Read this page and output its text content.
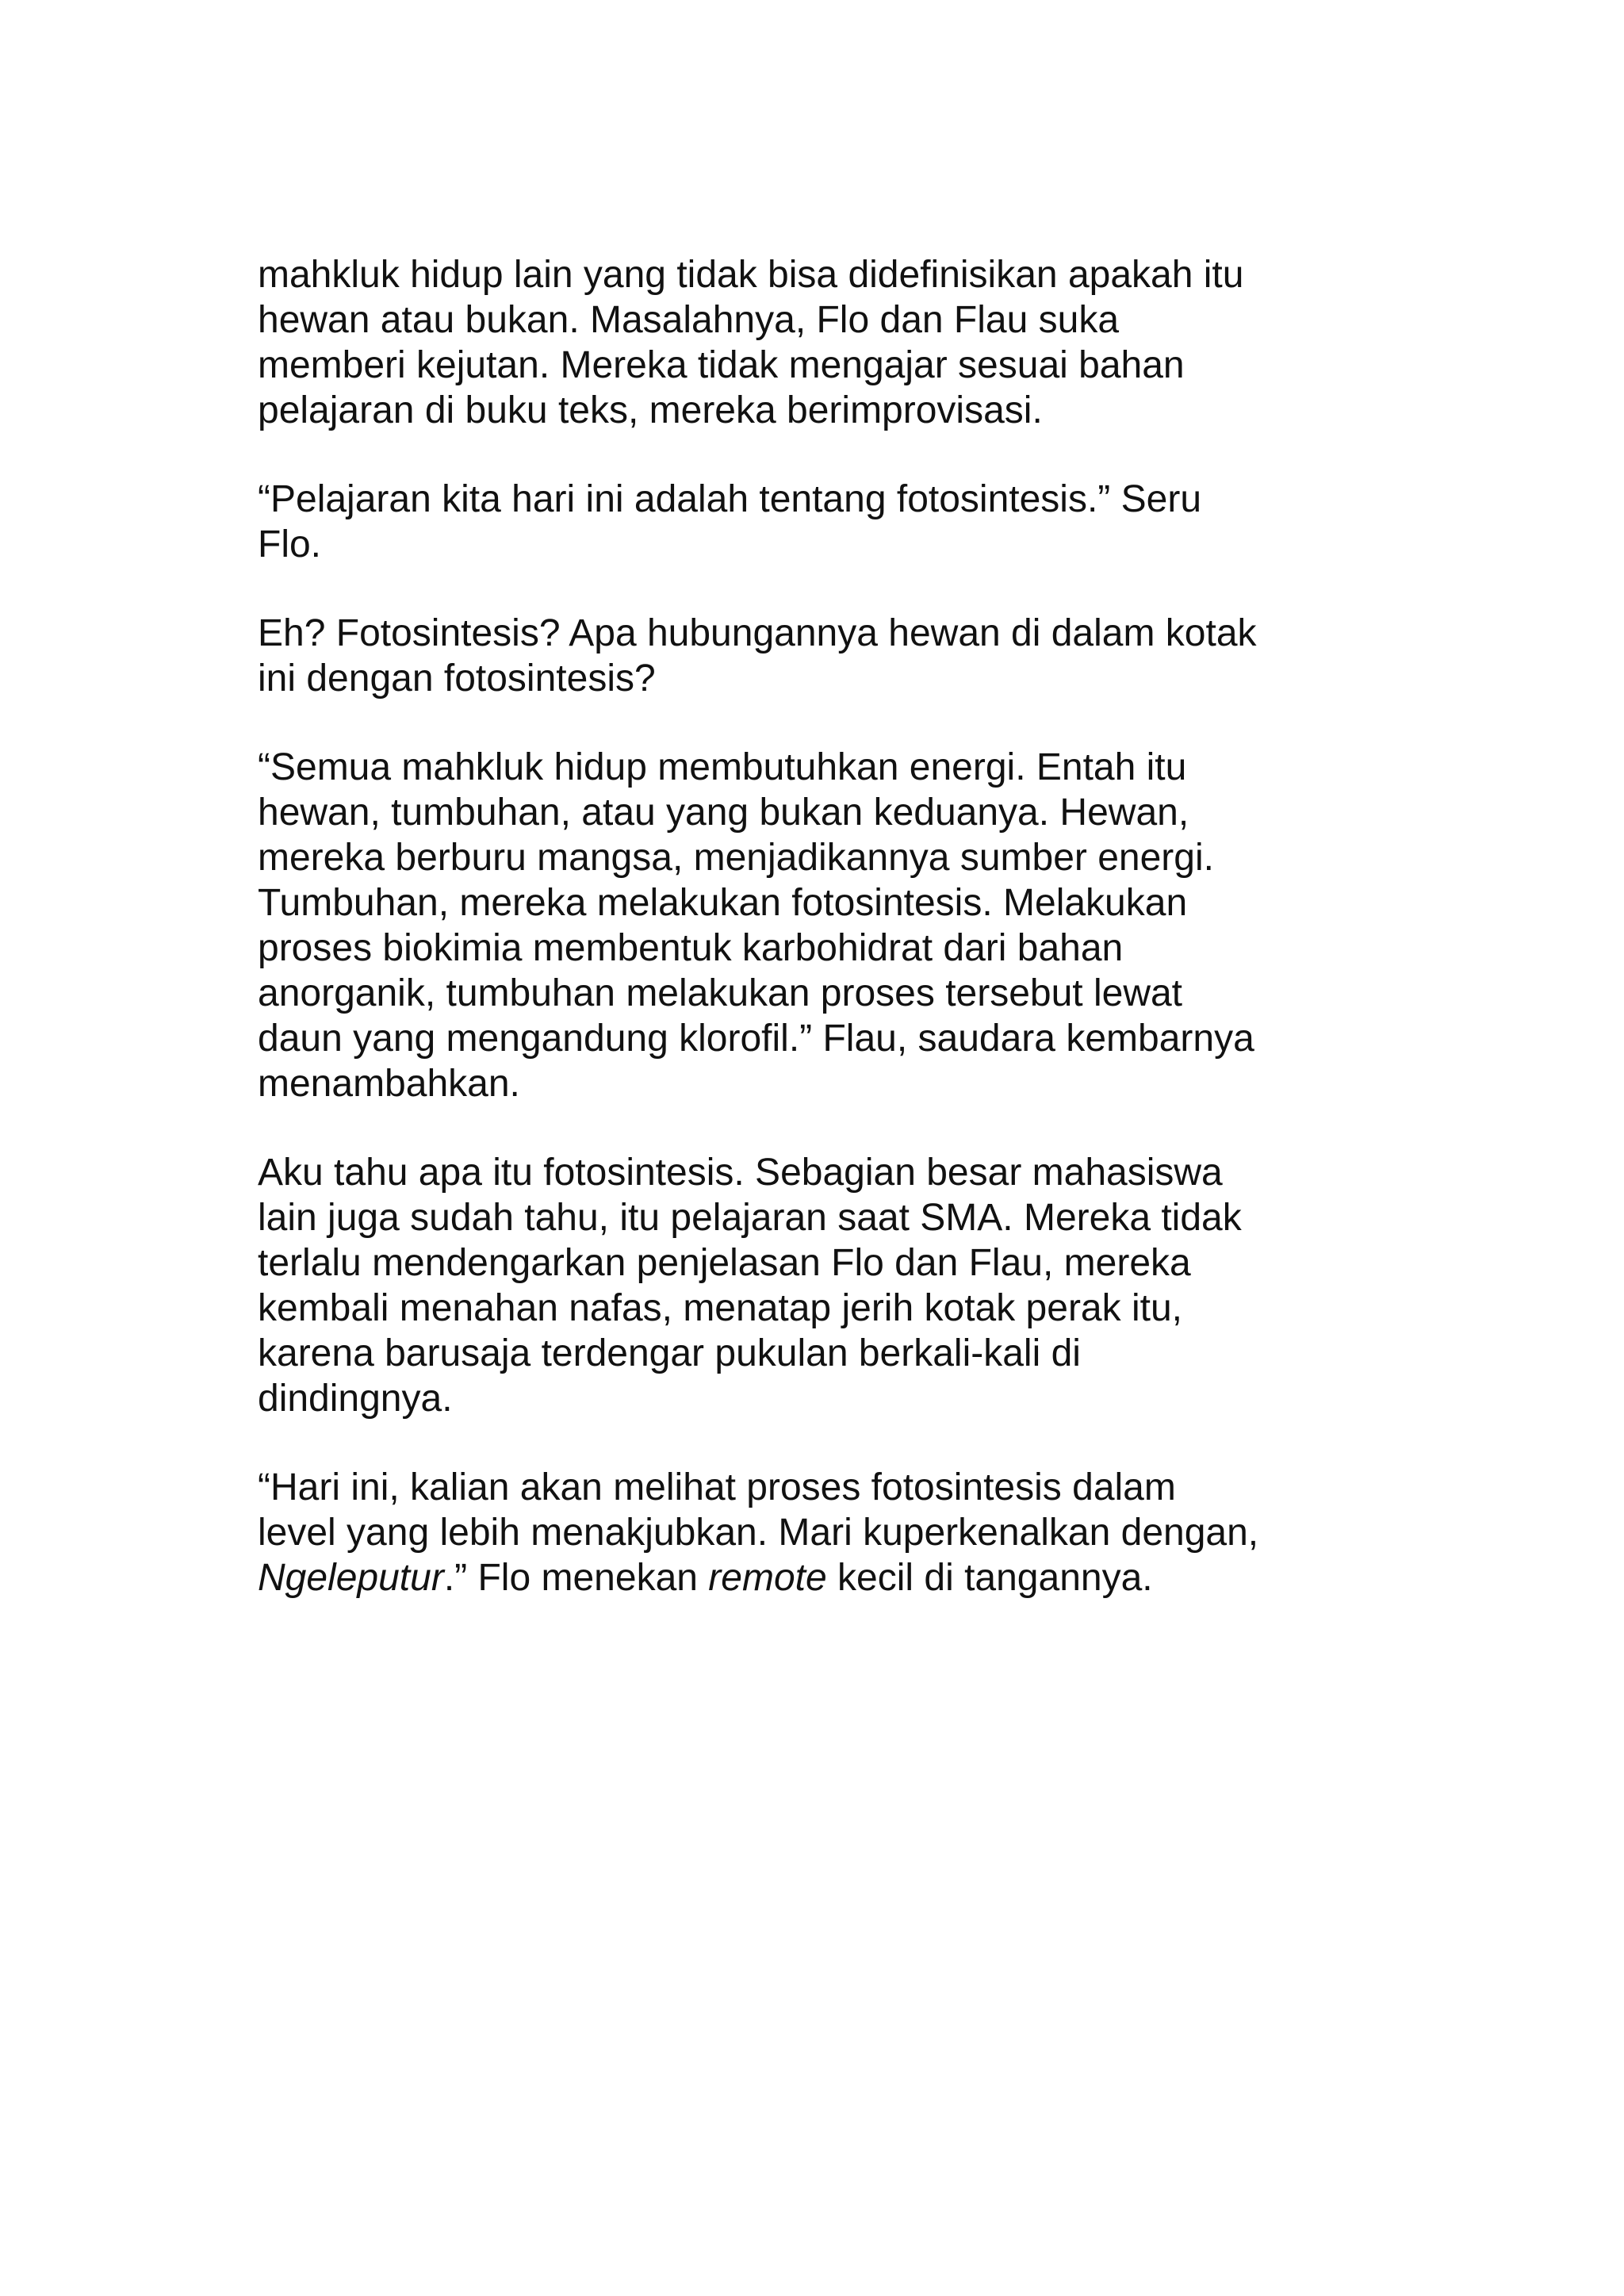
mahkluk hidup lain yang tidak bisa didefinisikan apakah itu
hewan atau bukan. Masalahnya, Flo dan Flau suka
memberi kejutan. Mereka tidak mengajar sesuai bahan
pelajaran di buku teks, mereka berimprovisasi.

“Pelajaran kita hari ini adalah tentang fotosintesis.” Seru
Flo.

Eh? Fotosintesis? Apa hubungannya hewan di dalam kotak
ini dengan fotosintesis?

“Semua mahkluk hidup membutuhkan energi. Entah itu
hewan, tumbuhan, atau yang bukan keduanya. Hewan,
mereka berburu mangsa, menjadikannya sumber energi.
Tumbuhan, mereka melakukan fotosintesis. Melakukan
proses biokimia membentuk karbohidrat dari bahan
anorganik, tumbuhan melakukan proses tersebut lewat
daun yang mengandung klorofil.” Flau, saudara kembarnya
menambahkan.

Aku tahu apa itu fotosintesis. Sebagian besar mahasiswa
lain juga sudah tahu, itu pelajaran saat SMA. Mereka tidak
terlalu mendengarkan penjelasan Flo dan Flau, mereka
kembali menahan nafas, menatap jerih kotak perak itu,
karena barusaja terdengar pukulan berkali-kali di
dindingnya.

“Hari ini, kalian akan melihat proses fotosintesis dalam
level yang lebih menakjubkan. Mari kuperkenalkan dengan,
Ngeleputur.” Flo menekan remote kecil di tangannya.
